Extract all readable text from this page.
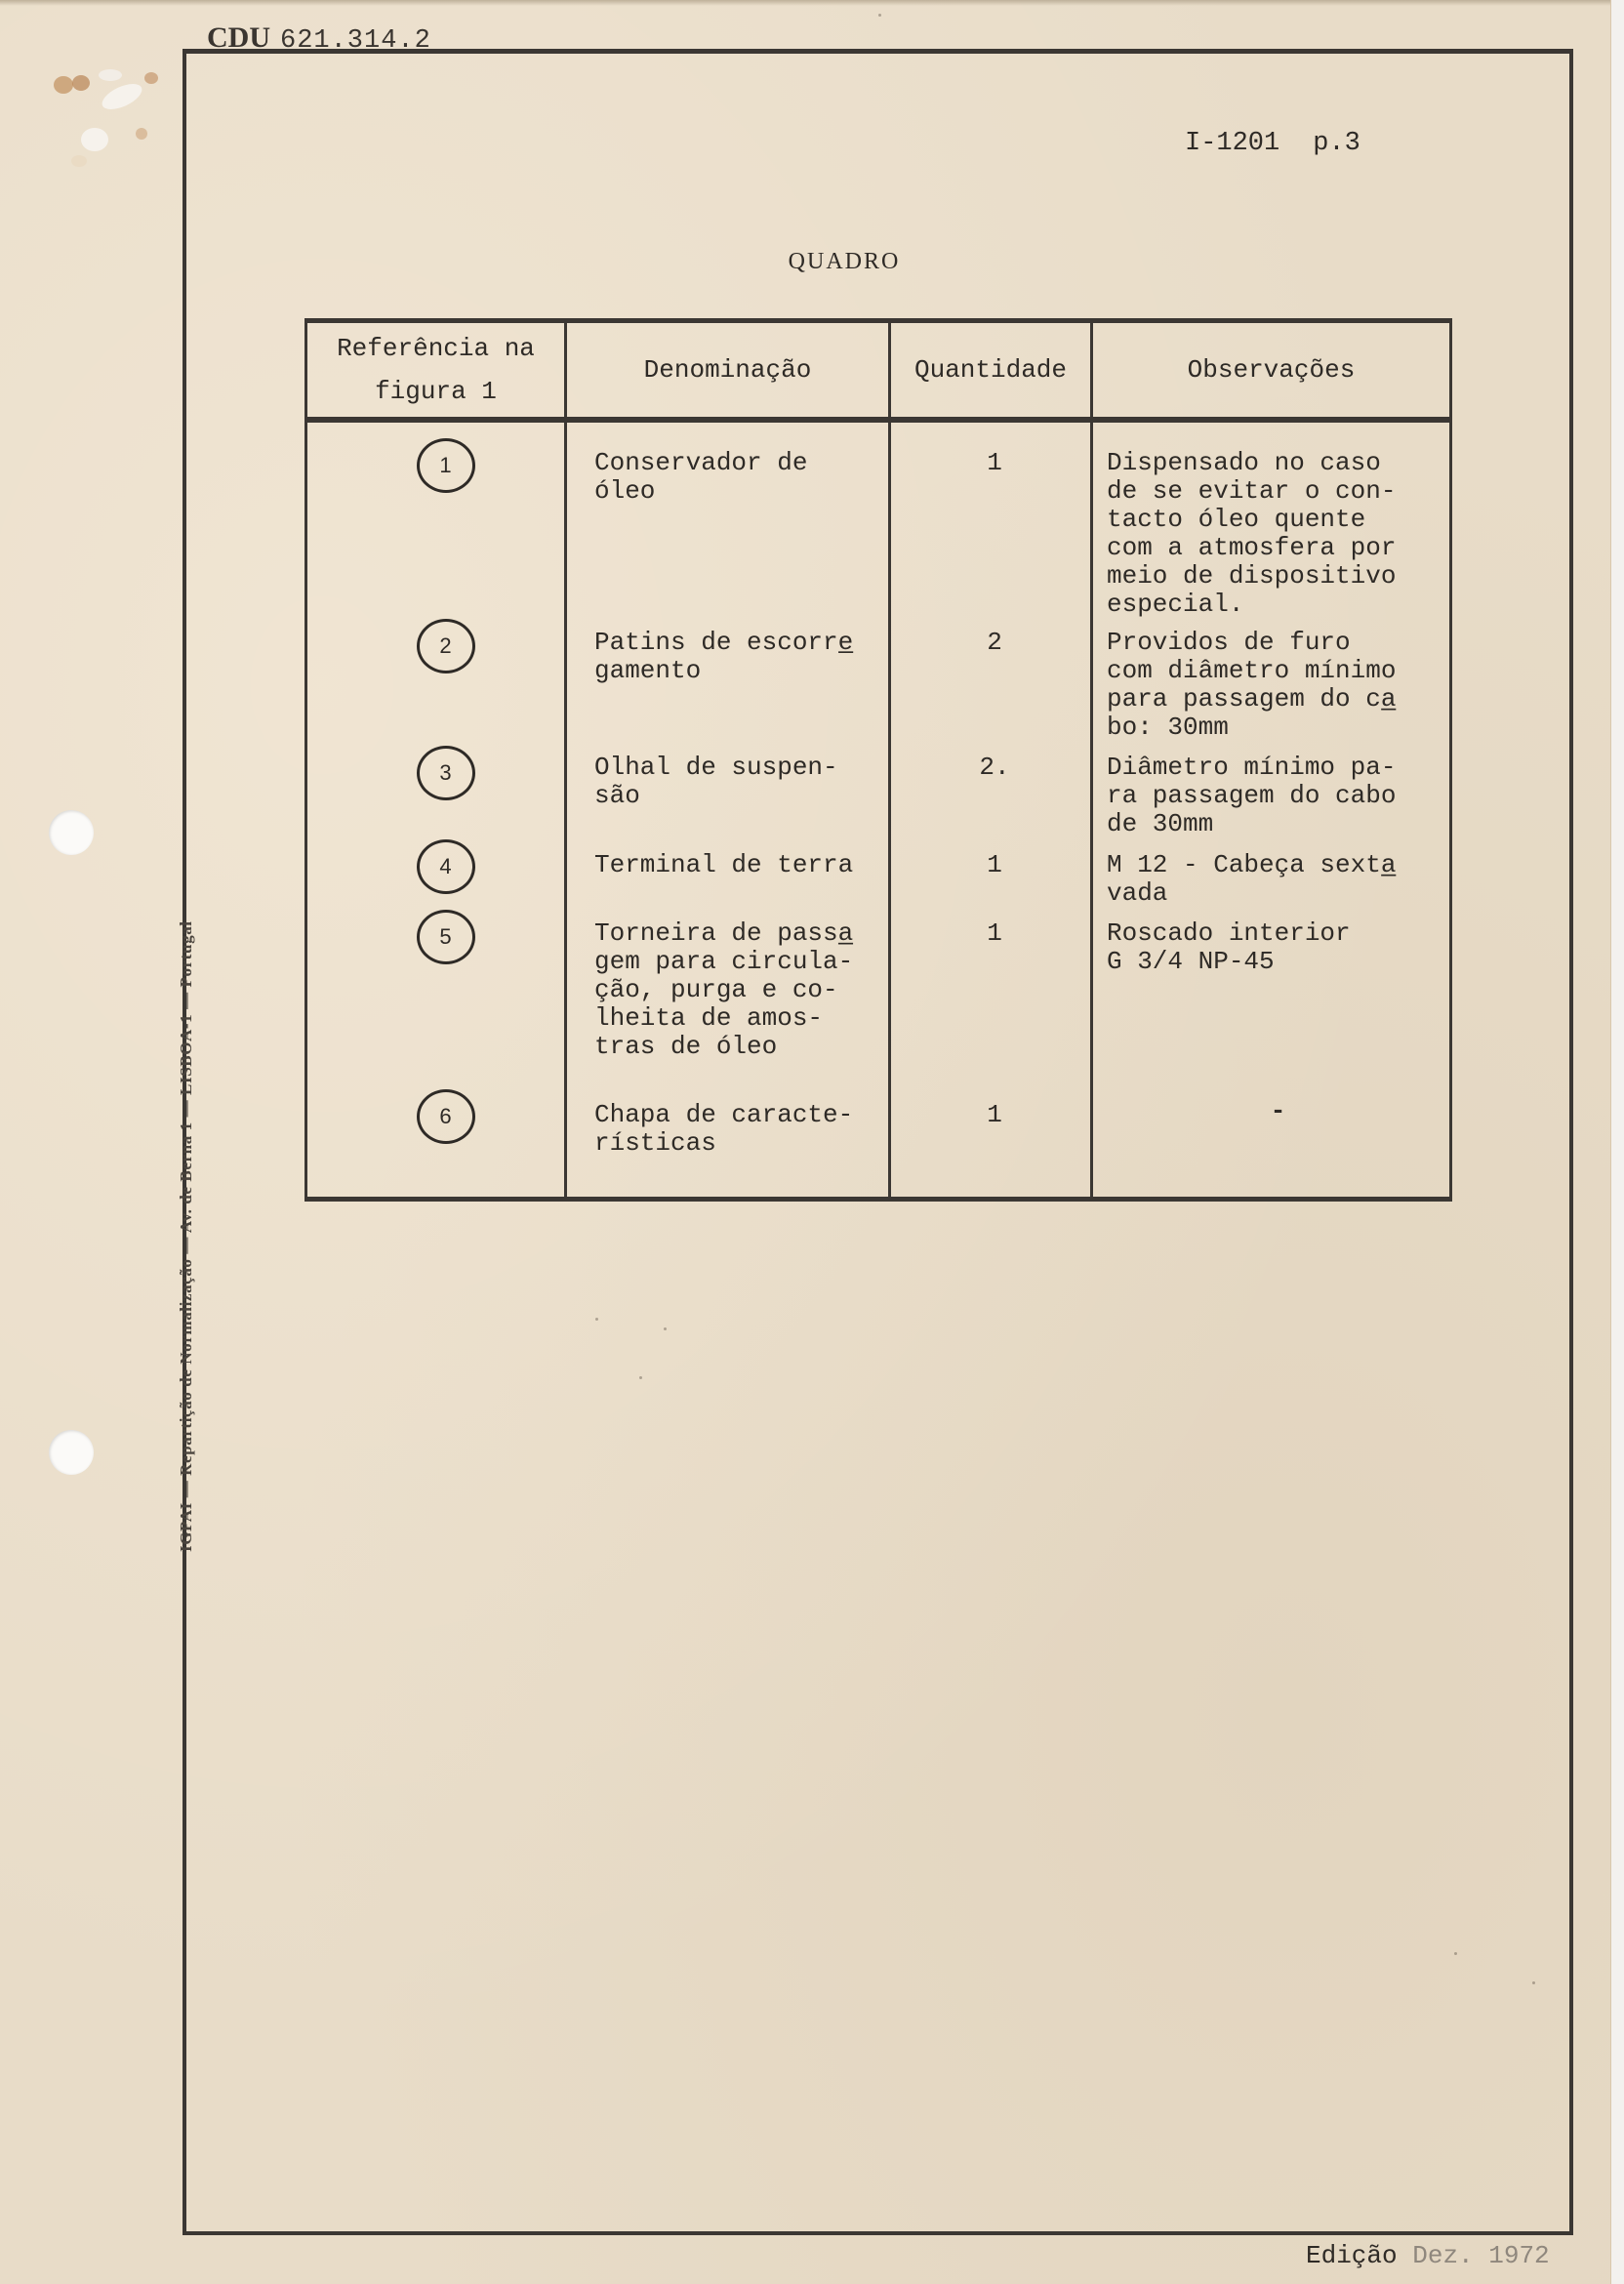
CDU 621.314.2
I-1201 p.3
QUADRO
IGPAI — Repartição de Normalização — Av. de Berna 1 — LISBOA-1 — Portugal
Referência na
figura 1	Denominação	Quantidade	Observações
1	Conservador de
óleo
	1	Dispensado no caso
de se evitar o con-
tacto óleo quente
com a atmosfera por
meio de dispositivo
especial.

2	Patins de escorre̲
gamento	2	Providos de furo
com diâmetro mínimo
para passagem do ca̲
bo: 30mm

3	Olhal de suspen-
são	2.	Diâmetro mínimo pa-
ra passagem do cabo
de 30mm

4	Terminal de terra	1	M 12 - Cabeça sexta̲
vada

5	Torneira de passa̲
gem para circula-
ção, purga e co-
lheita de amos-
tras de óleo	1	Roscado interior
G 3/4 NP-45

6	Chapa de caracte-
rísticas	1	-
Edição Dez. 1972
